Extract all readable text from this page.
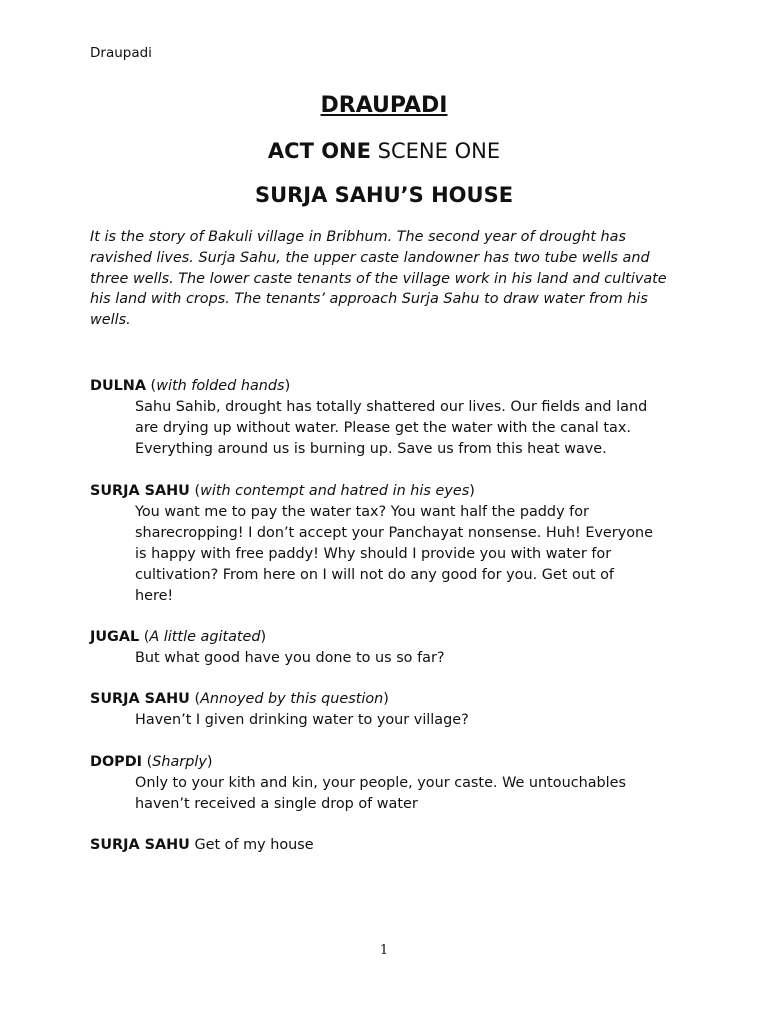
Draupadi

DRAUPADI

ACT ONE SCENE ONE

SURJA SAHU’S HOUSE

It is the story of Bakuli village in Bribhum. The second year of drought has ravished lives. Surja Sahu, the upper caste landowner has two tube wells and three wells. The lower caste tenants of the village work in his land and cultivate his land with crops. The tenants’ approach Surja Sahu to draw water from his wells.

DULNA (with folded hands)

Sahu Sahib, drought has totally shattered our lives. Our fields and land
are drying up without water. Please get the water with the canal tax.
Everything around us is burning up. Save us from this heat wave.

SURJA SAHU (with contempt and hatred in his eyes)

You want me to pay the water tax? You want half the paddy for
sharecropping! I don’t accept your Panchayat nonsense. Huh! Everyone
is happy with free paddy! Why should I provide you with water for
cultivation? From here on I will not do any good for you. Get out of
here!

JUGAL (A little agitated)

But what good have you done to us so far?

SURJA SAHU (Annoyed by this question)

Haven’t I given drinking water to your village?

DOPDI (Sharply)

Only to your kith and kin, your people, your caste. We untouchables
haven’t received a single drop of water

SURJA SAHU Get of my house

1
